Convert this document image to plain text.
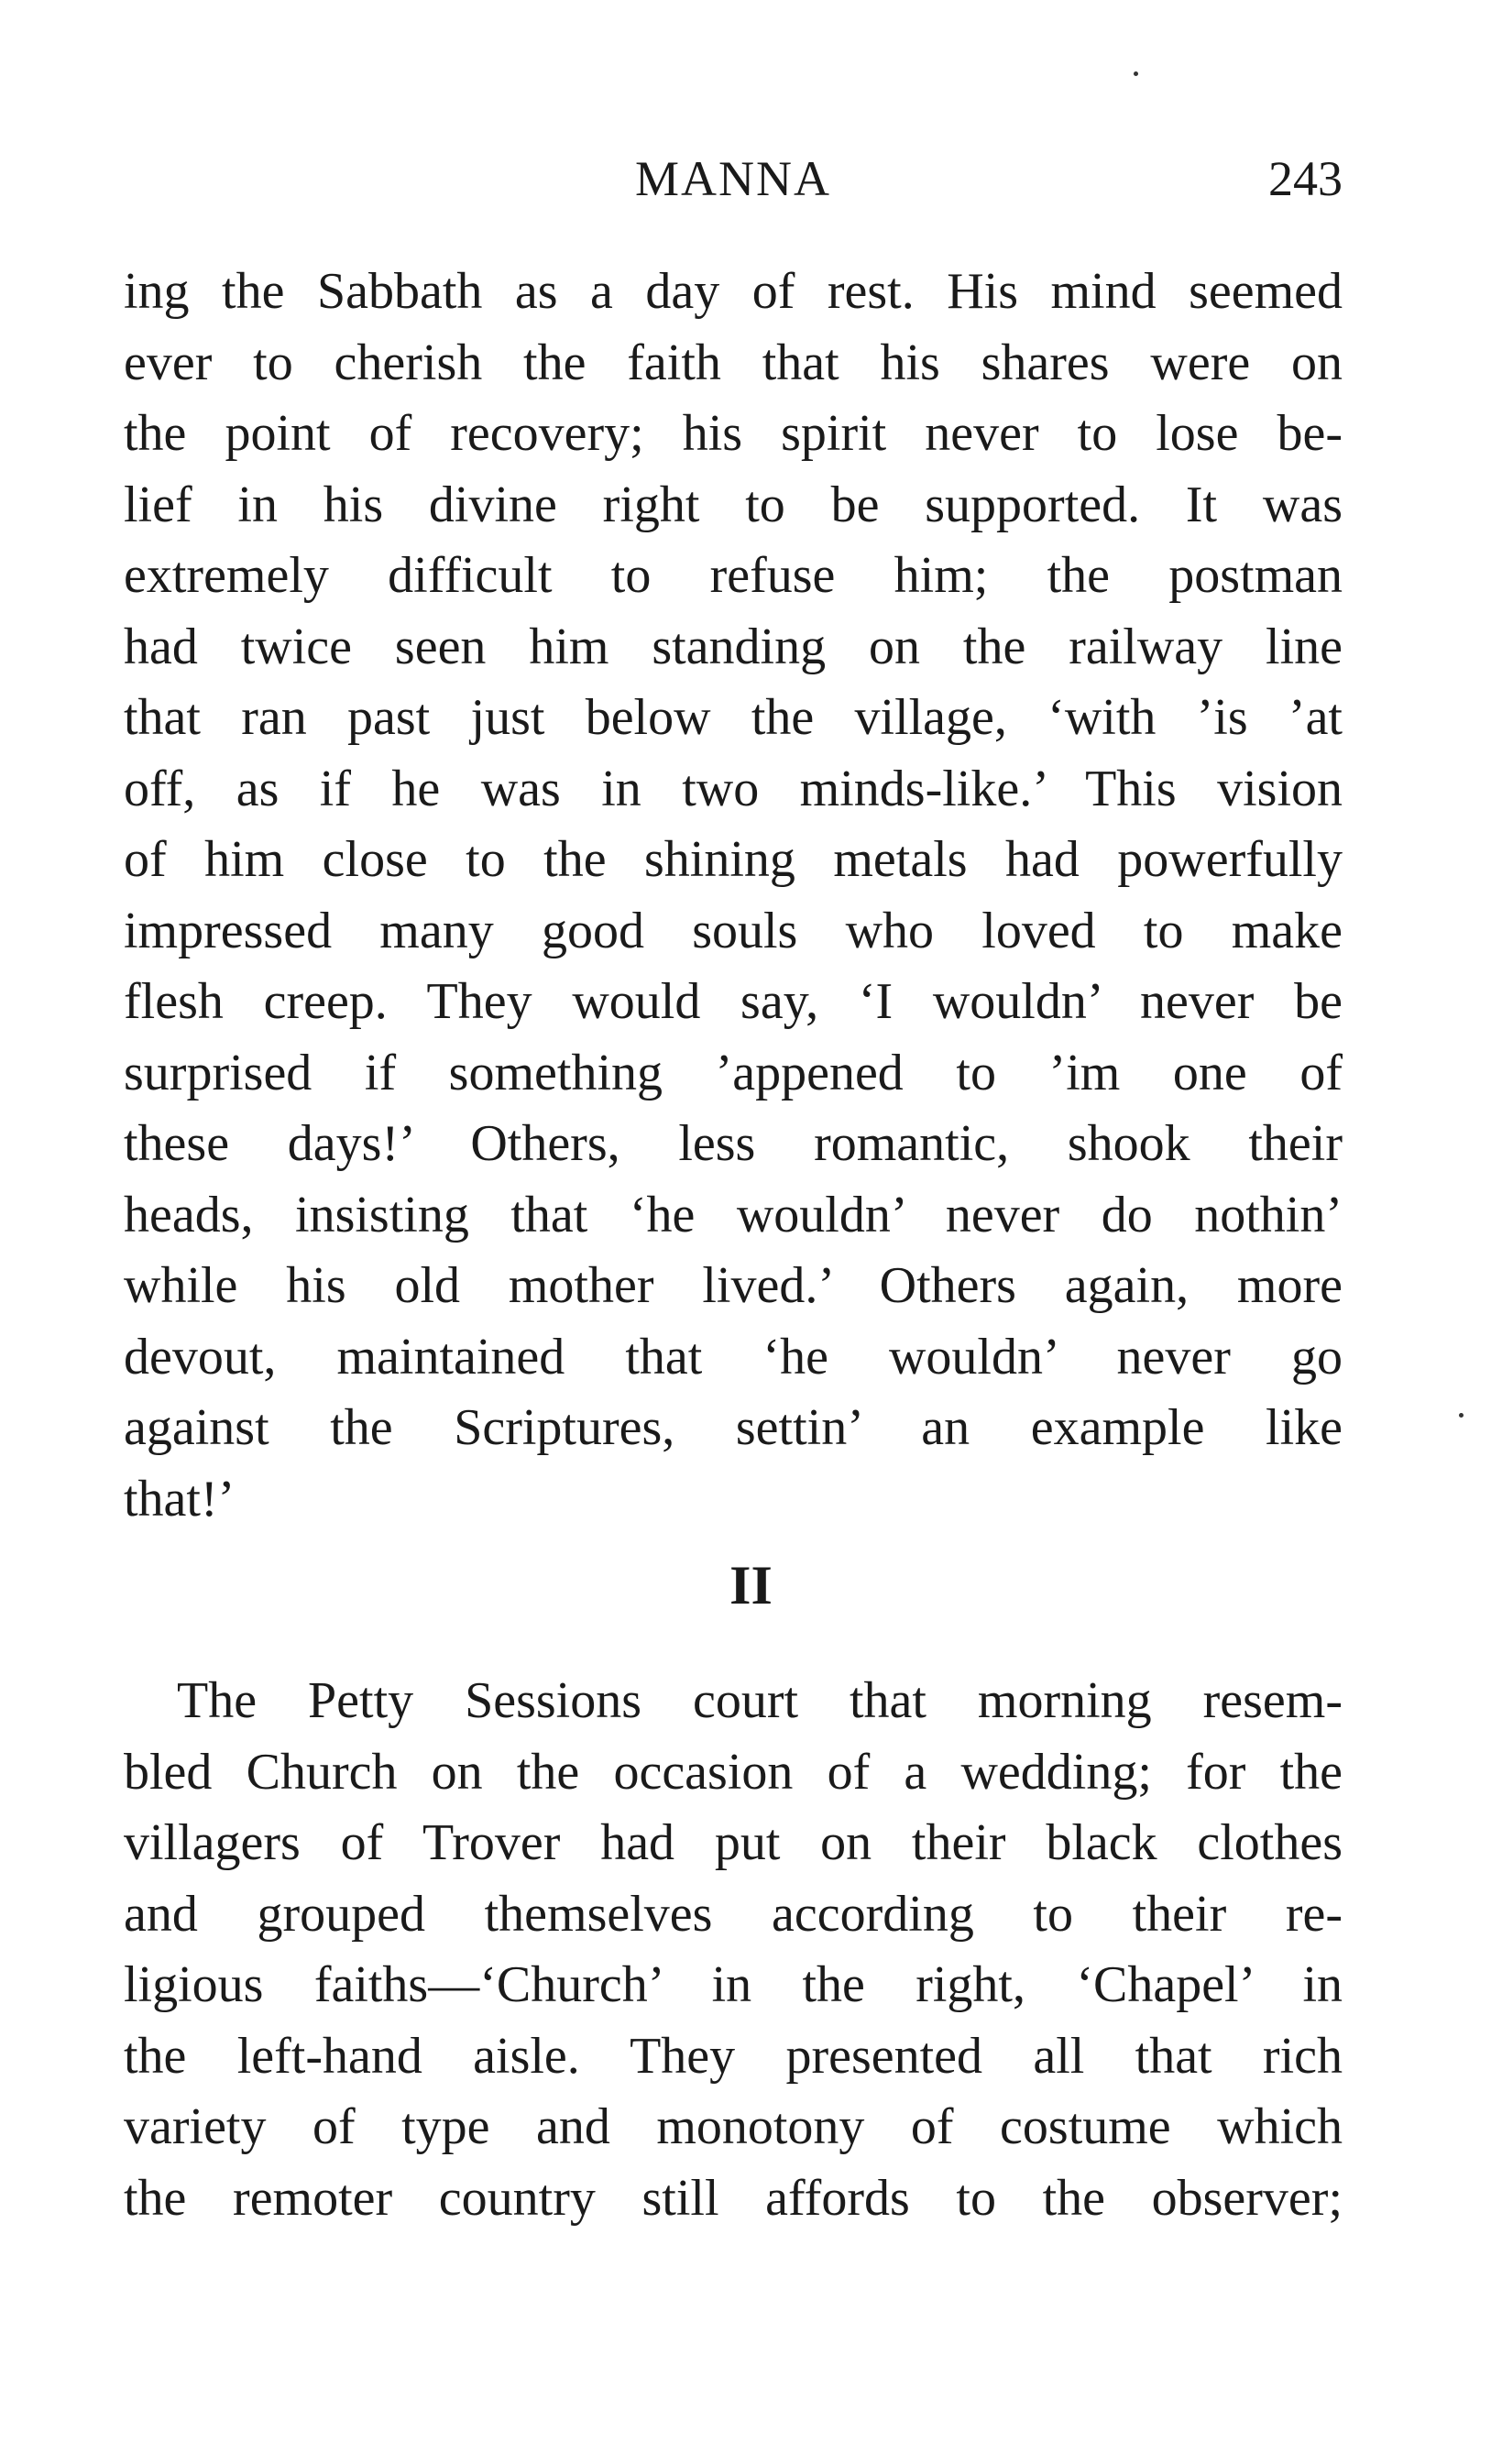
MANNA	243
ing the Sabbath as a day of rest. His mind seemed
ever to cherish the faith that his shares were on
the point of recovery; his spirit never to lose be-
lief in his divine right to be supported. It was
extremely difficult to refuse him; the postman
had twice seen him standing on the railway line
that ran past just below the village, ‘with ’is ’at
off, as if he was in two minds-like.’ This vision
of him close to the shining metals had powerfully
impressed many good souls who loved to make
flesh creep. They would say, ‘I wouldn’ never be
surprised if something ’appened to ’im one of
these days!’ Others, less romantic, shook their
heads, insisting that ‘he wouldn’ never do nothin’
while his old mother lived.’ Others again, more
devout, maintained that ‘he wouldn’ never go
against the Scriptures, settin’ an example like
that!’
II
The Petty Sessions court that morning resem-
bled Church on the occasion of a wedding; for the
villagers of Trover had put on their black clothes
and grouped themselves according to their re-
ligious faiths—‘Church’ in the right, ‘Chapel’ in
the left-hand aisle. They presented all that rich
variety of type and monotony of costume which
the remoter country still affords to the observer;
